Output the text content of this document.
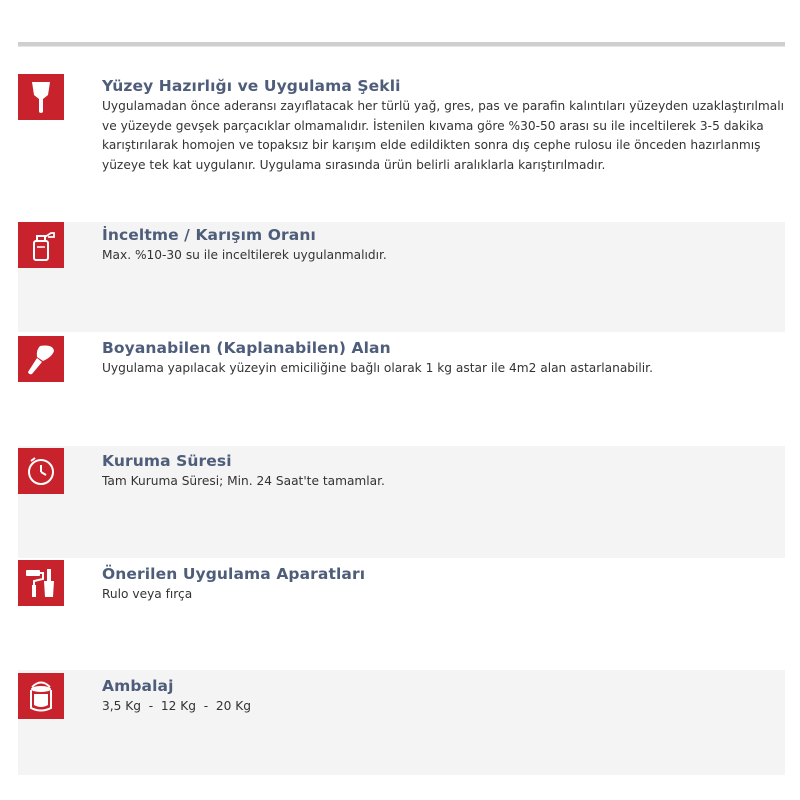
Yüzey Hazırlığı ve Uygulama Şekli

Uygulamadan önce aderansı zayıflatacak her türlü yağ, gres, pas ve parafin kalıntıları yüzeyden uzaklaştırılmalı ve yüzeyde gevşek parçacıklar olmamalıdır. İstenilen kıvama göre %30-50 arası su ile inceltilerek 3-5 dakika karıştırılarak homojen ve topaksız bir karışım elde edildikten sonra dış cephe rulosu ile önceden hazırlanmış yüzeye tek kat uygulanır. Uygulama sırasında ürün belirli aralıklarla karıştırılmadır.

İnceltme / Karışım Oranı

Max. %10-30 su ile inceltilerek uygulanmalıdır.

Boyanabilen (Kaplanabilen) Alan

Uygulama yapılacak yüzeyin emiciliğine bağlı olarak 1 kg astar ile 4m2 alan astarlanabilir.

Kuruma Süresi

Tam Kuruma Süresi; Min. 24 Saat'te tamamlar.

Önerilen Uygulama Aparatları

Rulo veya fırça

Ambalaj

3,5 Kg  -  12 Kg  -  20 Kg
